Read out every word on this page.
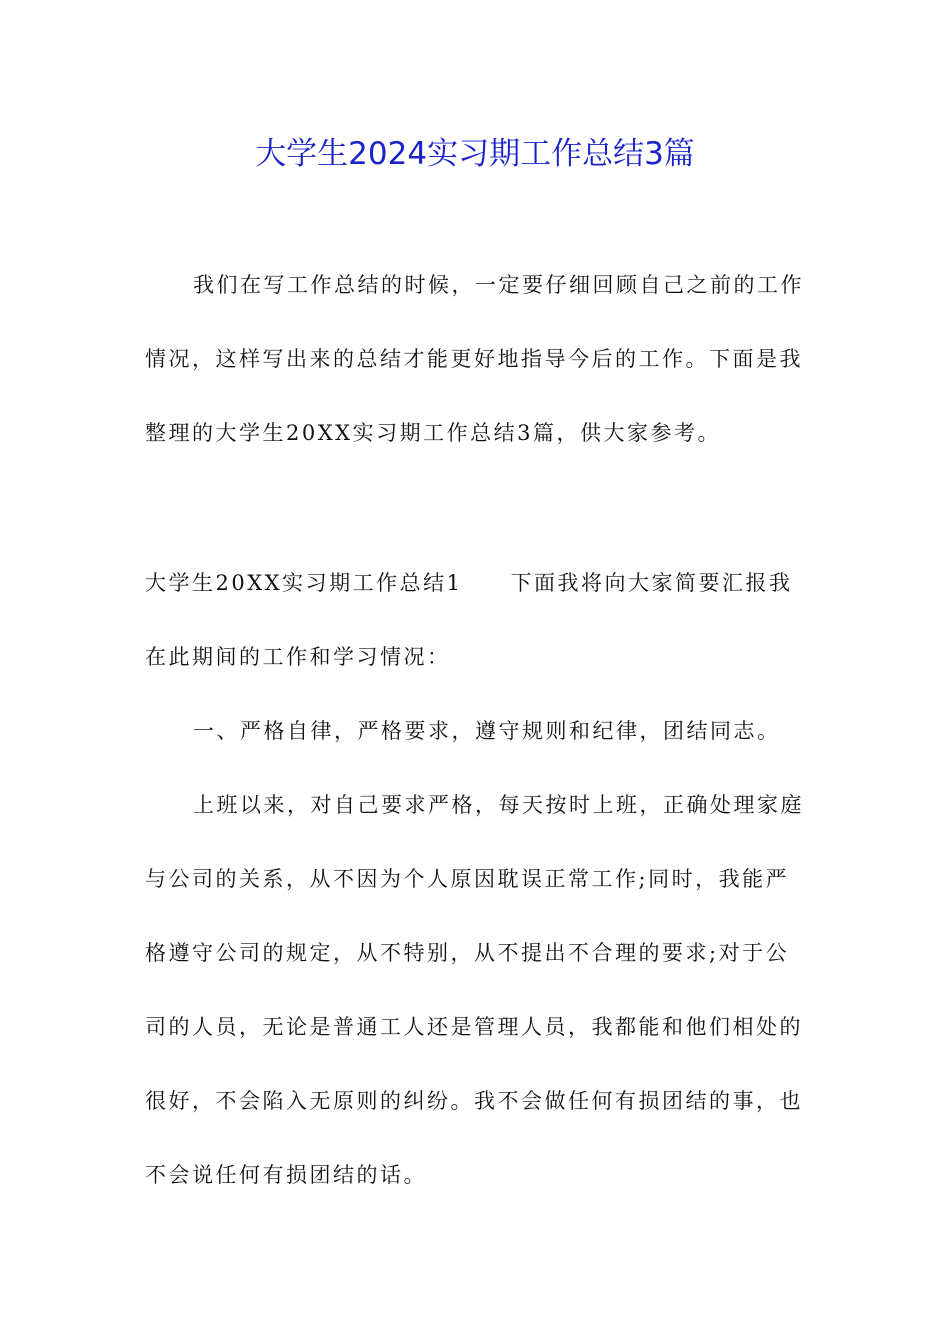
大学生2024实习期工作总结3篇

我们在写工作总结的时候，一定要仔细回顾自己之前的工作情况，这样写出来的总结才能更好地指导今后的工作。下面是我整理的大学生20XX实习期工作总结3篇，供大家参考。

大学生20XX实习期工作总结1 下面我将向大家简要汇报我在此期间的工作和学习情况：

一、严格自律，严格要求，遵守规则和纪律，团结同志。

上班以来，对自己要求严格，每天按时上班，正确处理家庭与公司的关系，从不因为个人原因耽误正常工作;同时，我能严格遵守公司的规定，从不特别，从不提出不合理的要求;对于公司的人员，无论是普通工人还是管理人员，我都能和他们相处的很好，不会陷入无原则的纠纷。我不会做任何有损团结的事，也不会说任何有损团结的话。
